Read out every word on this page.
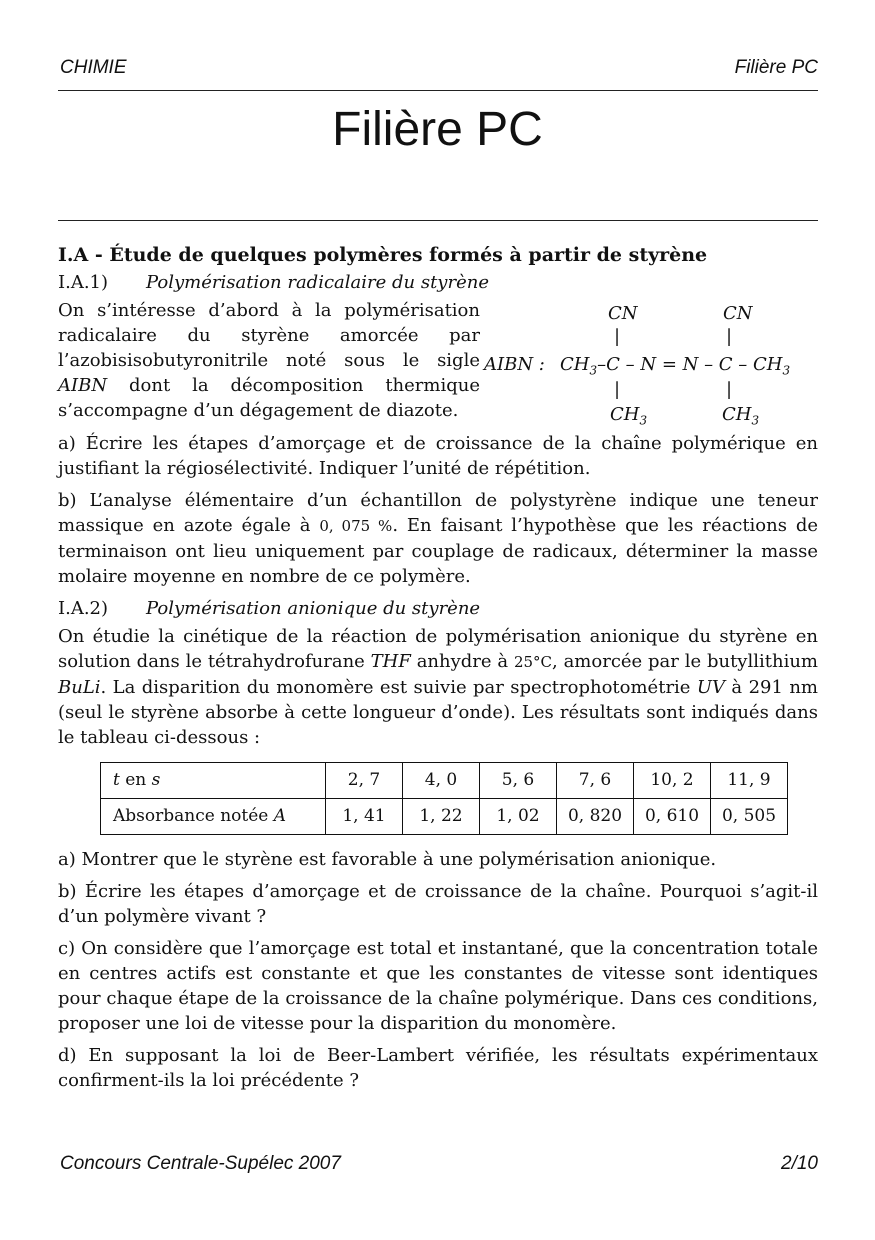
CHIMIE	Filière PC
Filière PC

I.A - Étude de quelques polymères formés à partir de styrène

I.A.1) Polymérisation radicalaire du styrène

On s’intéresse d’abord à la polymérisation radicalaire du styrène amorcée par l’azobisisobutyronitrile noté sous le sigle AIBN dont la décomposition thermique s’accompagne d’un dégagement de diazote.
CN	CN
|	|
AIBN : $CH_3-C - N = N - C - CH_3$
|	|
$CH_3$	$CH_3$

a) Écrire les étapes d’amorçage et de croissance de la chaîne polymérique en justifiant la régiosélectivité. Indiquer l’unité de répétition.

b) L’analyse élémentaire d’un échantillon de polystyrène indique une teneur massique en azote égale à 0, 075 %. En faisant l’hypothèse que les réactions de terminaison ont lieu uniquement par couplage de radicaux, déterminer la masse molaire moyenne en nombre de ce polymère.

I.A.2) Polymérisation anionique du styrène

On étudie la cinétique de la réaction de polymérisation anionique du styrène en solution dans le tétrahydrofurane THF anhydre à 25°C, amorcée par le butyllithium BuLi. La disparition du monomère est suivie par spectrophotométrie UV à 291 nm (seul le styrène absorbe à cette longueur d’onde). Les résultats sont indiqués dans le tableau ci-dessous :

t en s	2, 7	4, 0	5, 6	7, 6	10, 2	11, 9
Absorbance notée A	1, 41	1, 22	1, 02	0, 820	0, 610	0, 505

a) Montrer que le styrène est favorable à une polymérisation anionique.

b) Écrire les étapes d’amorçage et de croissance de la chaîne. Pourquoi s’agit-il d’un polymère vivant ?

c) On considère que l’amorçage est total et instantané, que la concentration totale en centres actifs est constante et que les constantes de vitesse sont identiques pour chaque étape de la croissance de la chaîne polymérique. Dans ces conditions, proposer une loi de vitesse pour la disparition du monomère.

d) En supposant la loi de Beer-Lambert vérifiée, les résultats expérimentaux confirment-ils la loi précédente ?

Concours Centrale-Supélec 2007	2/10
